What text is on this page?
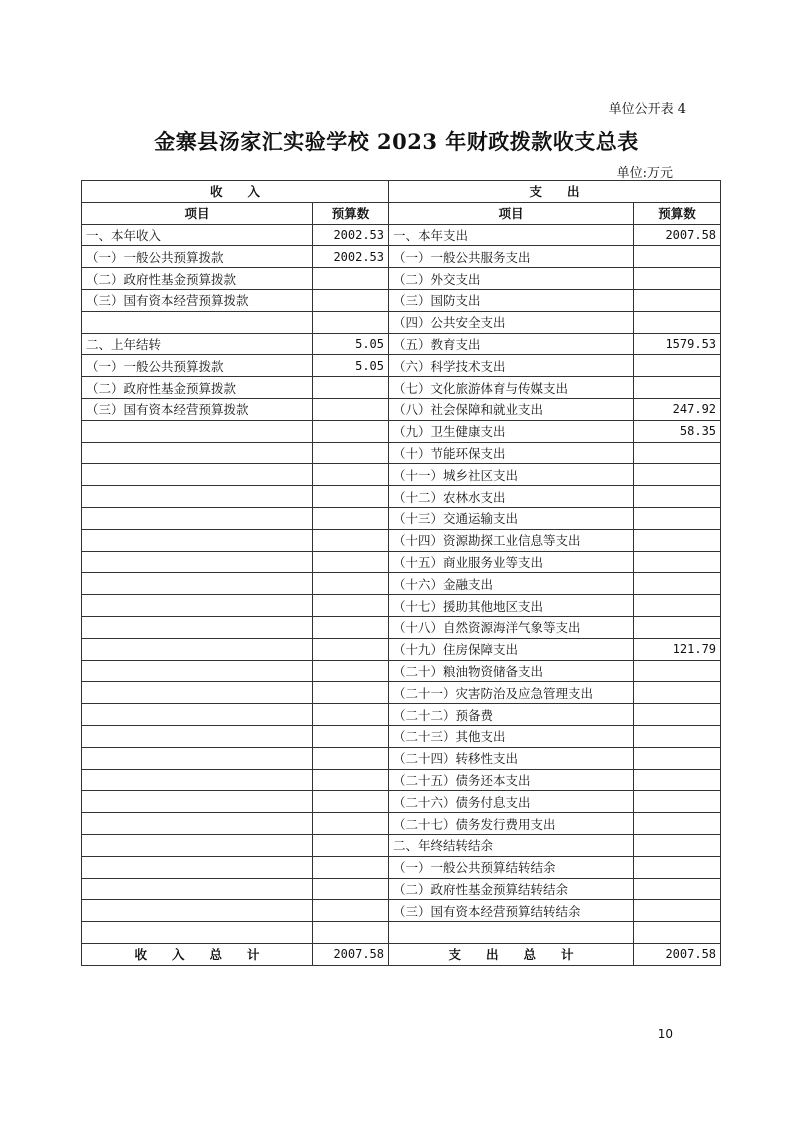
单位公开表 4
金寨县汤家汇实验学校 2023 年财政拨款收支总表
单位:万元
收　　入		支　　出	
项目	预算数	项目	预算数
一、本年收入	2002.53	一、本年支出	2007.58
（一）一般公共预算拨款	2002.53	（一）一般公共服务支出	
（二）政府性基金预算拨款		（二）外交支出	
（三）国有资本经营预算拨款		（三）国防支出	
		（四）公共安全支出	
二、上年结转	5.05	（五）教育支出	1579.53
（一）一般公共预算拨款	5.05	（六）科学技术支出	
（二）政府性基金预算拨款		（七）文化旅游体育与传媒支出	
（三）国有资本经营预算拨款		（八）社会保障和就业支出	247.92
		（九）卫生健康支出	58.35
		（十）节能环保支出	
		（十一）城乡社区支出	
		（十二）农林水支出	
		（十三）交通运输支出	
		（十四）资源勘探工业信息等支出	
		（十五）商业服务业等支出	
		（十六）金融支出	
		（十七）援助其他地区支出	
		（十八）自然资源海洋气象等支出	
		（十九）住房保障支出	121.79
		（二十）粮油物资储备支出	
		（二十一）灾害防治及应急管理支出	
		（二十二）预备费	
		（二十三）其他支出	
		（二十四）转移性支出	
		（二十五）债务还本支出	
		（二十六）债务付息支出	
		（二十七）债务发行费用支出	
		二、年终结转结余	
		（一）一般公共预算结转结余	
		（二）政府性基金预算结转结余	
		（三）国有资本经营预算结转结余	

收　　入　　总　　计	2007.58	支　　出　　总　　计	2007.58
10
